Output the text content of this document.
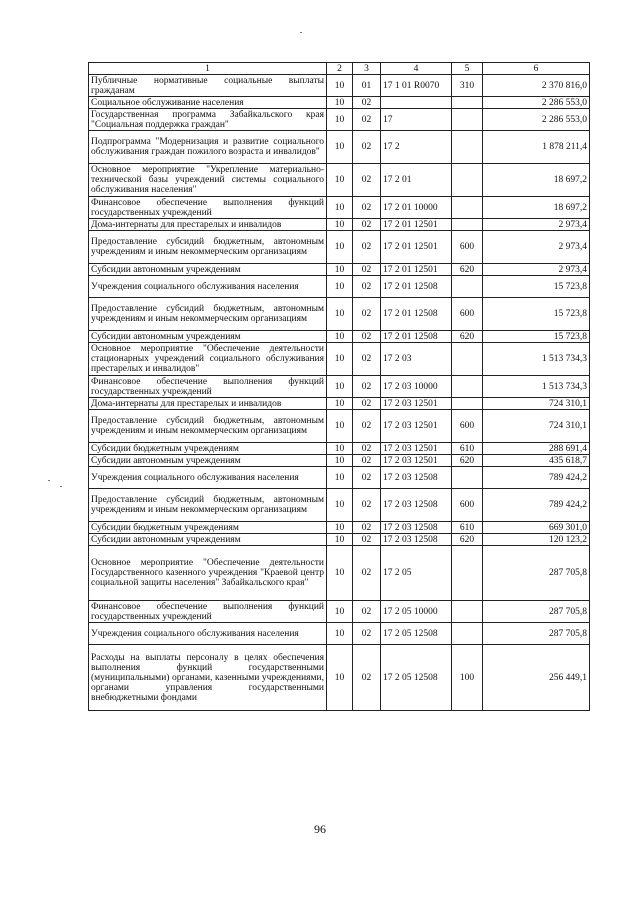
1	2	3	4	5	6
Публичные нормативные социальные выплаты гражданам	10	01	17 1 01 R0070	310	2 370 816,0
Социальное обслуживание населения	10	02			2 286 553,0
Государственная программа Забайкальского края "Социальная поддержка граждан"	10	02	17		2 286 553,0
Подпрограмма "Модернизация и развитие социального обслуживания граждан пожилого возраста и инвалидов"	10	02	17 2		1 878 211,4
Основное мероприятие "Укрепление материально-технической базы учреждений системы социального обслуживания населения"	10	02	17 2 01		18 697,2
Финансовое обеспечение выполнения функций государственных учреждений	10	02	17 2 01 10000		18 697,2
Дома-интернаты для престарелых и инвалидов	10	02	17 2 01 12501		2 973,4
Предоставление субсидий бюджетным, автономным учреждениям и иным некоммерческим организациям	10	02	17 2 01 12501	600	2 973,4
Субсидии автономным учреждениям	10	02	17 2 01 12501	620	2 973,4
Учреждения социального обслуживания населения	10	02	17 2 01 12508		15 723,8
Предоставление субсидий бюджетным, автономным учреждениям и иным некоммерческим организациям	10	02	17 2 01 12508	600	15 723,8
Субсидии автономным учреждениям	10	02	17 2 01 12508	620	15 723,8
Основное мероприятие "Обеспечение деятельности стационарных учреждений социального обслуживания престарелых и инвалидов"	10	02	17 2 03		1 513 734,3
Финансовое обеспечение выполнения функций государственных учреждений	10	02	17 2 03 10000		1 513 734,3
Дома-интернаты для престарелых и инвалидов	10	02	17 2 03 12501		724 310,1
Предоставление субсидий бюджетным, автономным учреждениям и иным некоммерческим организациям	10	02	17 2 03 12501	600	724 310,1
Субсидии бюджетным учреждениям	10	02	17 2 03 12501	610	288 691,4
Субсидии автономным учреждениям	10	02	17 2 03 12501	620	435 618,7
Учреждения социального обслуживания населения	10	02	17 2 03 12508		789 424,2
Предоставление субсидий бюджетным, автономным учреждениям и иным некоммерческим организациям	10	02	17 2 03 12508	600	789 424,2
Субсидии бюджетным учреждениям	10	02	17 2 03 12508	610	669 301,0
Субсидии автономным учреждениям	10	02	17 2 03 12508	620	120 123,2
Основное мероприятие "Обеспечение деятельности Государственного казенного учреждения "Краевой центр социальной защиты населения" Забайкальского края"	10	02	17 2 05		287 705,8
Финансовое обеспечение выполнения функций государственных учреждений	10	02	17 2 05 10000		287 705,8
Учреждения социального обслуживания населения	10	02	17 2 05 12508		287 705,8
Расходы на выплаты персоналу в целях обеспечения выполнения функций государственными (муниципальными) органами, казенными учреждениями, органами управления государственными внебюджетными фондами	10	02	17 2 05 12508	100	256 449,1
96
